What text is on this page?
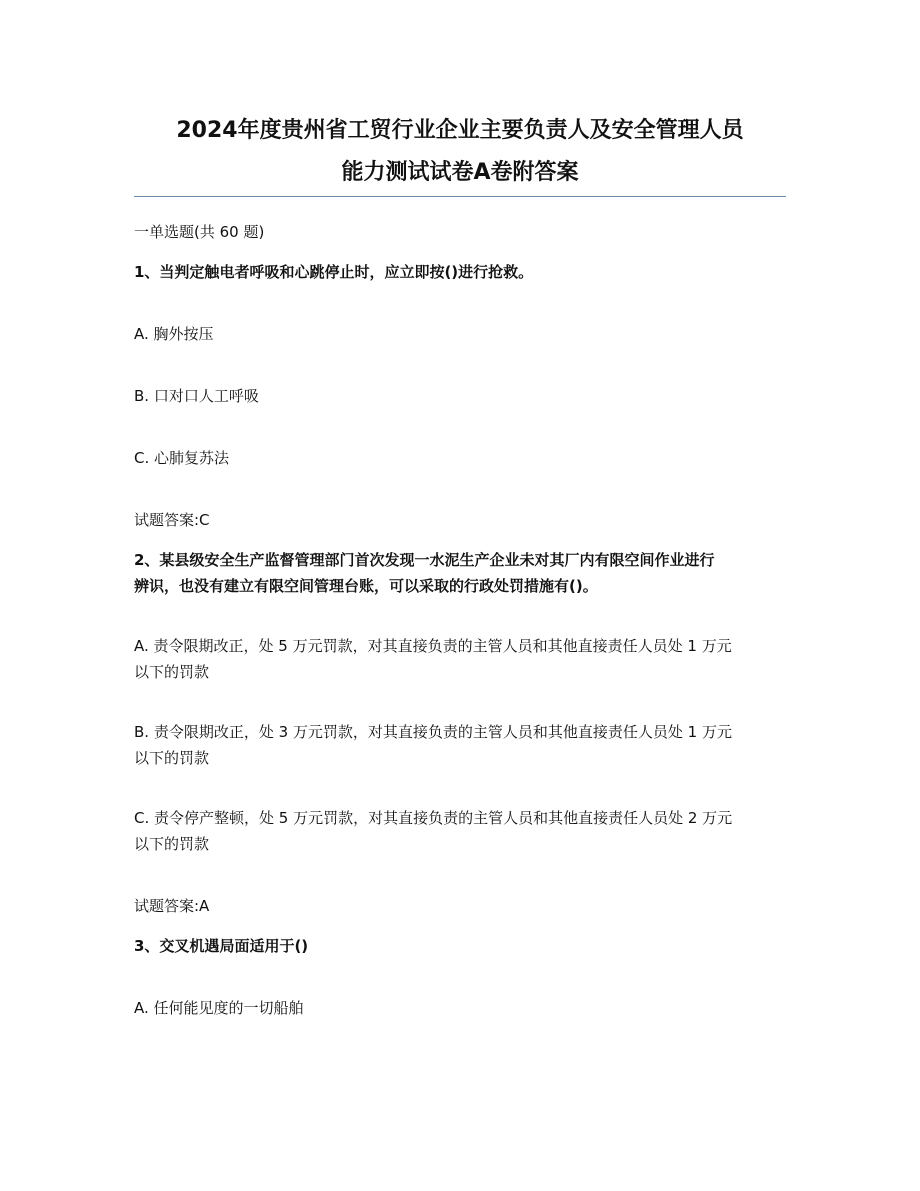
2024年度贵州省工贸行业企业主要负责人及安全管理人员
能力测试试卷A卷附答案
一单选题(共 60 题)
1、当判定触电者呼吸和心跳停止时，应立即按()进行抢救。
A. 胸外按压
B. 口对口人工呼吸
C. 心肺复苏法
试题答案:C
2、某县级安全生产监督管理部门首次发现一水泥生产企业未对其厂内有限空间作业进行
辨识，也没有建立有限空间管理台账，可以采取的行政处罚措施有()。
A. 责令限期改正，处 5 万元罚款，对其直接负责的主管人员和其他直接责任人员处 1 万元
以下的罚款
B. 责令限期改正，处 3 万元罚款，对其直接负责的主管人员和其他直接责任人员处 1 万元
以下的罚款
C. 责令停产整顿，处 5 万元罚款，对其直接负责的主管人员和其他直接责任人员处 2 万元
以下的罚款
试题答案:A
3、交叉机遇局面适用于()
A. 任何能见度的一切船舶
